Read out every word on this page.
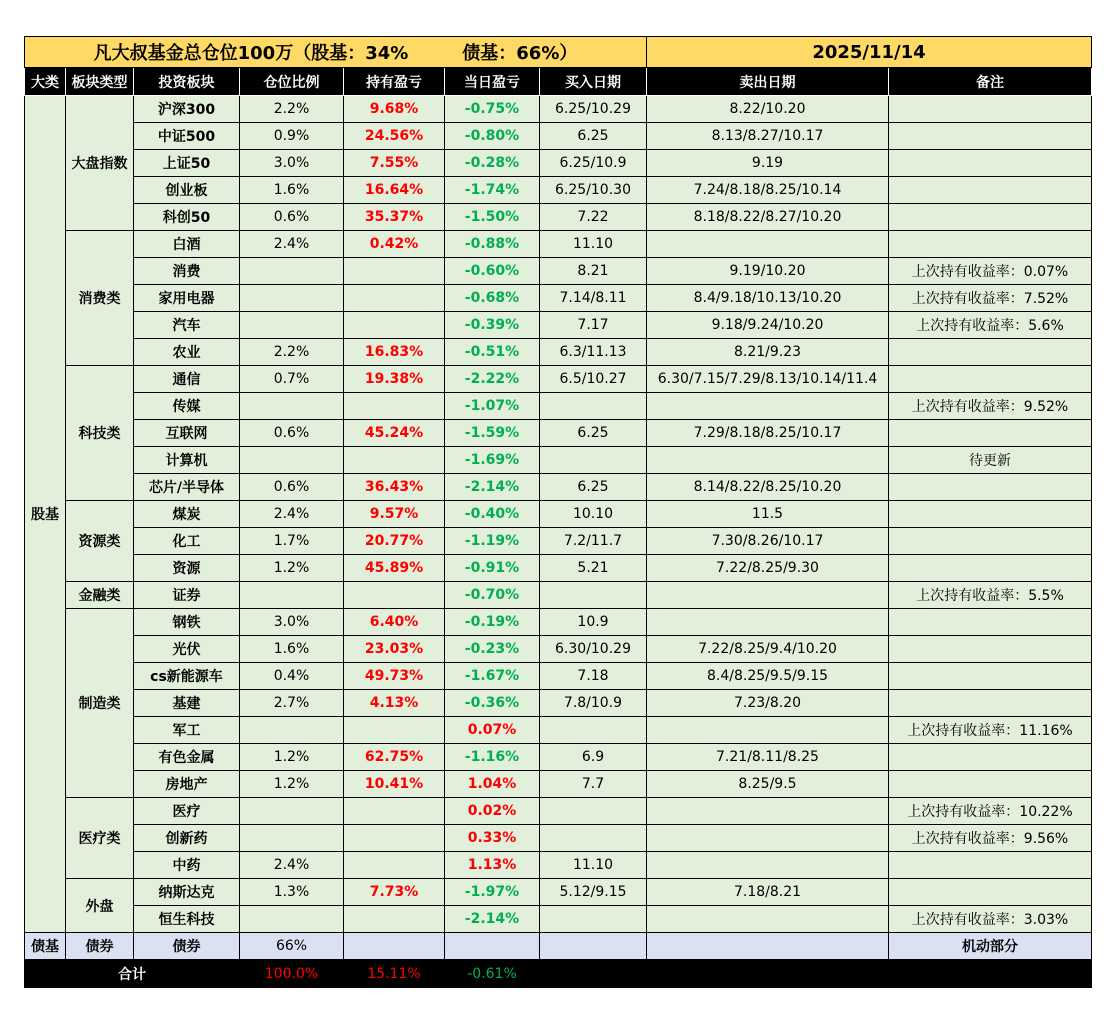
凡大叔基金总仓位100万（股基：34%　　　债基：66%）							2025/11/14	
大类	板块类型	投资板块	仓位比例	持有盈亏	当日盈亏	买入日期	卖出日期	备注
股基	大盘指数	沪深300	2.2%	9.68%	-0.75%	6.25/10.29	8.22/10.20	
		中证500	0.9%	24.56%	-0.80%	6.25	8.13/8.27/10.17	
		上证50	3.0%	7.55%	-0.28%	6.25/10.9	9.19	
		创业板	1.6%	16.64%	-1.74%	6.25/10.30	7.24/8.18/8.25/10.14	
		科创50	0.6%	35.37%	-1.50%	7.22	8.18/8.22/8.27/10.20	
	消费类	白酒	2.4%	0.42%	-0.88%	11.10		
		消费			-0.60%	8.21	9.19/10.20	上次持有收益率：0.07%
		家用电器			-0.68%	7.14/8.11	8.4/9.18/10.13/10.20	上次持有收益率：7.52%
		汽车			-0.39%	7.17	9.18/9.24/10.20	上次持有收益率：5.6%
		农业	2.2%	16.83%	-0.51%	6.3/11.13	8.21/9.23	
	科技类	通信	0.7%	19.38%	-2.22%	6.5/10.27	6.30/7.15/7.29/8.13/10.14/11.4	
		传媒			-1.07%			上次持有收益率：9.52%
		互联网	0.6%	45.24%	-1.59%	6.25	7.29/8.18/8.25/10.17	
		计算机			-1.69%			待更新
		芯片/半导体	0.6%	36.43%	-2.14%	6.25	8.14/8.22/8.25/10.20	
	资源类	煤炭	2.4%	9.57%	-0.40%	10.10	11.5	
		化工	1.7%	20.77%	-1.19%	7.2/11.7	7.30/8.26/10.17	
		资源	1.2%	45.89%	-0.91%	5.21	7.22/8.25/9.30	
	金融类	证券			-0.70%			上次持有收益率：5.5%
	制造类	钢铁	3.0%	6.40%	-0.19%	10.9		
		光伏	1.6%	23.03%	-0.23%	6.30/10.29	7.22/8.25/9.4/10.20	
		cs新能源车	0.4%	49.73%	-1.67%	7.18	8.4/8.25/9.5/9.15	
		基建	2.7%	4.13%	-0.36%	7.8/10.9	7.23/8.20	
		军工			0.07%			上次持有收益率：11.16%
		有色金属	1.2%	62.75%	-1.16%	6.9	7.21/8.11/8.25	
		房地产	1.2%	10.41%	1.04%	7.7	8.25/9.5	
	医疗类	医疗			0.02%			上次持有收益率：10.22%
		创新药			0.33%			上次持有收益率：9.56%
		中药	2.4%		1.13%	11.10		
	外盘	纳斯达克	1.3%	7.73%	-1.97%	5.12/9.15	7.18/8.21	
		恒生科技			-2.14%			上次持有收益率：3.03%
债基	债券	债券	66%					机动部分
合计			100.0%	15.11%	-0.61%			
